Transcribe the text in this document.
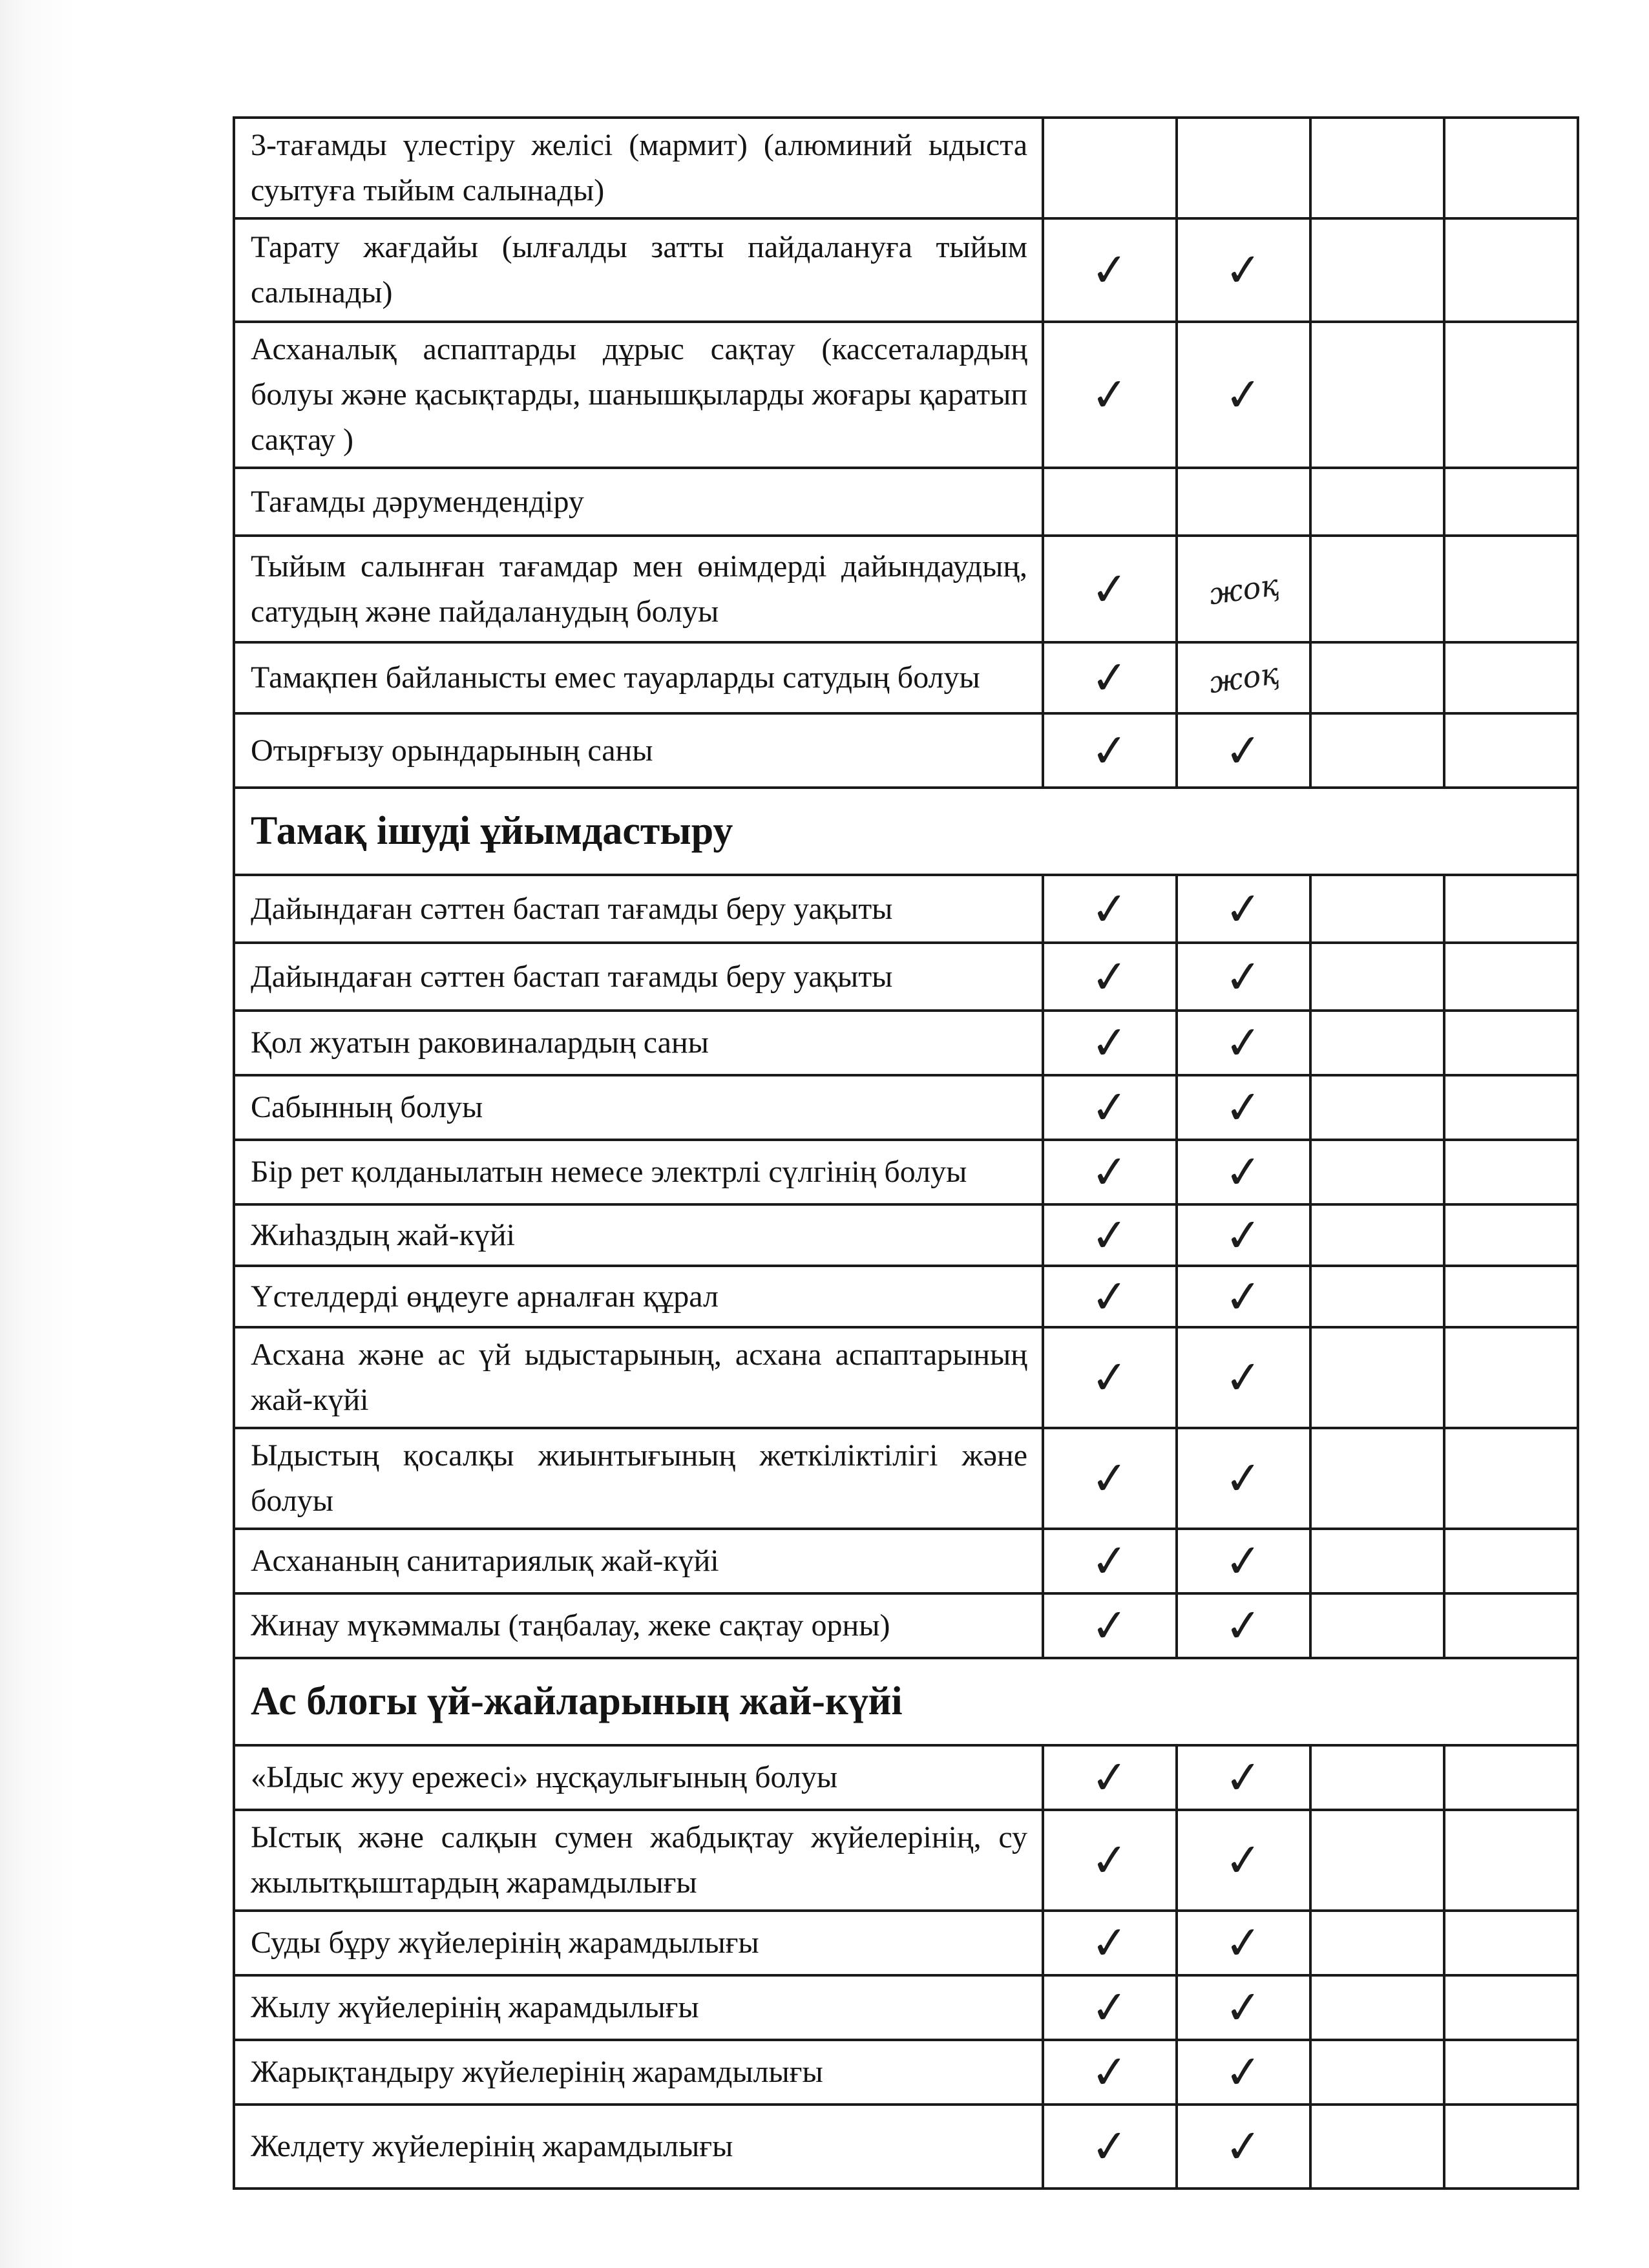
3-тағамды үлестіру желісі (мармит) (алюминий ыдыста суытуға тыйым салынады)				
Тарату жағдайы (ылғалды затты пайдалануға тыйым салынады)	✓	✓		
Асханалық аспаптарды дұрыс сақтау (кассеталардың болуы және қасықтарды, шанышқыларды жоғары қаратып сақтау )	✓	✓		
Тағамды дәрумендендіру				
Тыйым салынған тағамдар мен өнімдерді дайындаудың, сатудың және пайдаланудың болуы	✓	жоқ		
Тамақпен байланысты емес тауарларды сатудың болуы	✓	жоқ		
Отырғызу орындарының саны	✓	✓		
Тамақ ішуді ұйымдастыру				
Дайындаған сәттен бастап тағамды беру уақыты	✓	✓		
Дайындаған сәттен бастап тағамды беру уақыты	✓	✓		
Қол жуатын раковиналардың саны	✓	✓		
Сабынның болуы	✓	✓		
Бір рет қолданылатын немесе электрлі сүлгінің болуы	✓	✓		
Жиһаздың жай-күйі	✓	✓		
Үстелдерді өңдеуге арналған құрал	✓	✓		
Асхана және ас үй ыдыстарының, асхана аспаптарының жай-күйі	✓	✓		
Ыдыстың қосалқы жиынтығының жеткіліктілігі және болуы	✓	✓		
Асхананың санитариялық жай-күйі	✓	✓		
Жинау мүкәммалы (таңбалау, жеке сақтау орны)	✓	✓		
Ас блогы үй-жайларының жай-күйі				
«Ыдыс жуу ережесі» нұсқаулығының болуы	✓	✓		
Ыстық және салқын сумен жабдықтау жүйелерінің, су жылытқыштардың жарамдылығы	✓	✓		
Суды бұру жүйелерінің жарамдылығы	✓	✓		
Жылу жүйелерінің жарамдылығы	✓	✓		
Жарықтандыру жүйелерінің жарамдылығы	✓	✓		
Желдету жүйелерінің жарамдылығы	✓	✓		
